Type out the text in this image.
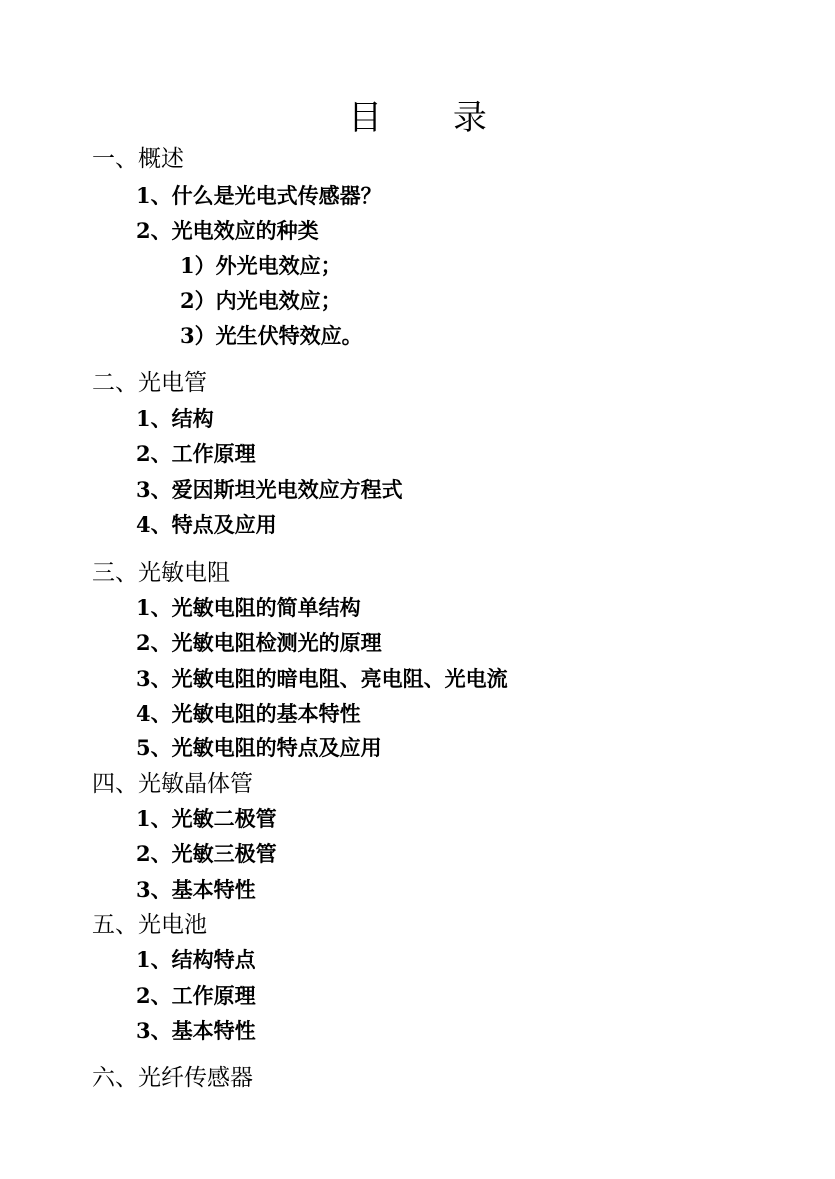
目 录
一、概述
1、什么是光电式传感器？
2、光电效应的种类
1）外光电效应；
2）内光电效应；
3）光生伏特效应。
二、光电管
1、结构
2、工作原理
3、爱因斯坦光电效应方程式
4、特点及应用
三、光敏电阻
1、光敏电阻的简单结构
2、光敏电阻检测光的原理
3、光敏电阻的暗电阻、亮电阻、光电流
4、光敏电阻的基本特性
5、光敏电阻的特点及应用
四、光敏晶体管
1、光敏二极管
2、光敏三极管
3、基本特性
五、光电池
1、结构特点
2、工作原理
3、基本特性
六、光纤传感器
